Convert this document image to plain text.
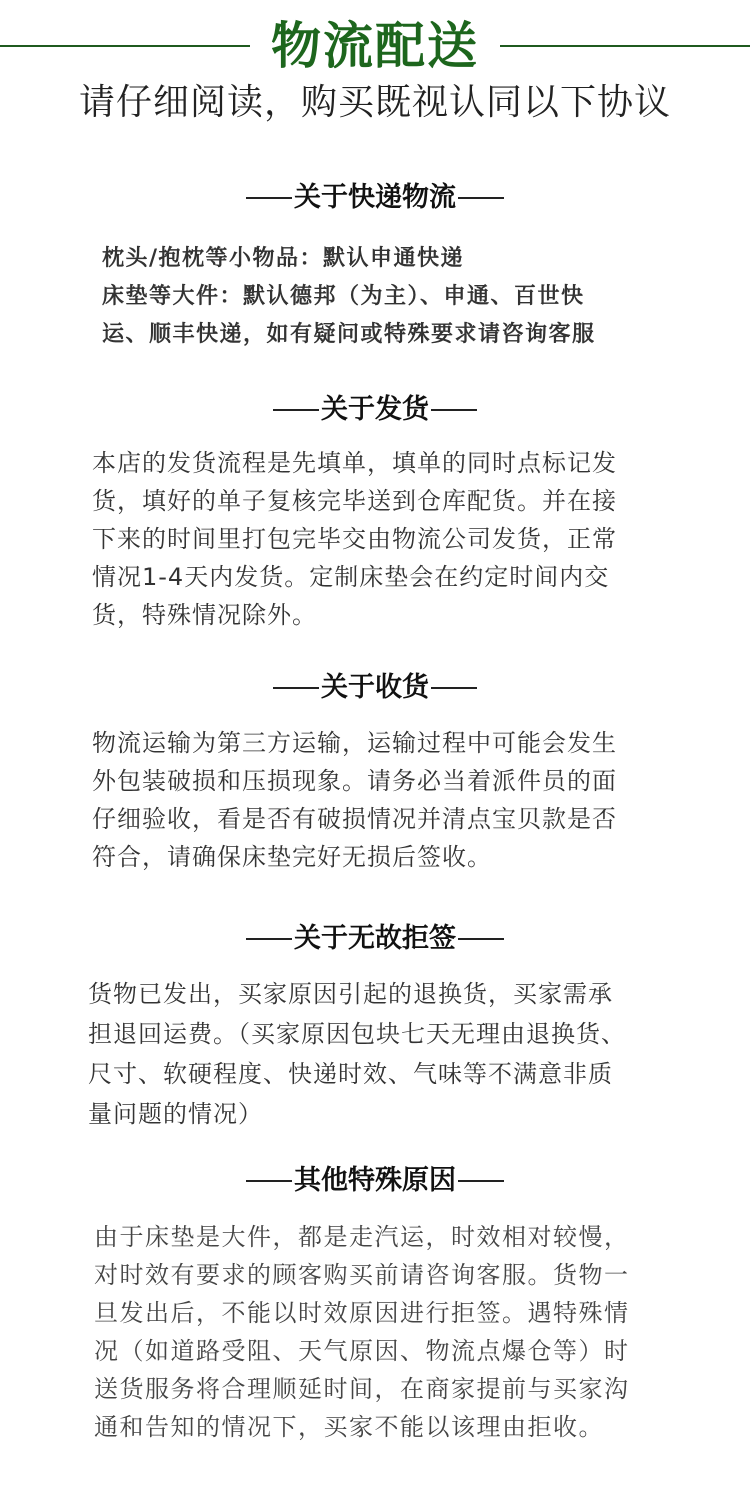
物流配送
请仔细阅读，购买既视认同以下协议
关于快递物流
枕头/抱枕等小物品：默认申通快递
床垫等大件：默认德邦（为主）、申通、百世快
运、顺丰快递，如有疑问或特殊要求请咨询客服
关于发货
本店的发货流程是先填单，填单的同时点标记发
货，填好的单子复核完毕送到仓库配货。并在接
下来的时间里打包完毕交由物流公司发货，正常
情况1-4天内发货。定制床垫会在约定时间内交
货，特殊情况除外。
关于收货
物流运输为第三方运输，运输过程中可能会发生
外包装破损和压损现象。请务必当着派件员的面
仔细验收，看是否有破损情况并清点宝贝款是否
符合，请确保床垫完好无损后签收。
关于无故拒签
货物已发出，买家原因引起的退换货，买家需承
担退回运费。（买家原因包块七天无理由退换货、
尺寸、软硬程度、快递时效、气味等不满意非质
量问题的情况）
其他特殊原因
由于床垫是大件，都是走汽运，时效相对较慢，
对时效有要求的顾客购买前请咨询客服。货物一
旦发出后，不能以时效原因进行拒签。遇特殊情
况（如道路受阻、天气原因、物流点爆仓等）时
送货服务将合理顺延时间，在商家提前与买家沟
通和告知的情况下，买家不能以该理由拒收。
